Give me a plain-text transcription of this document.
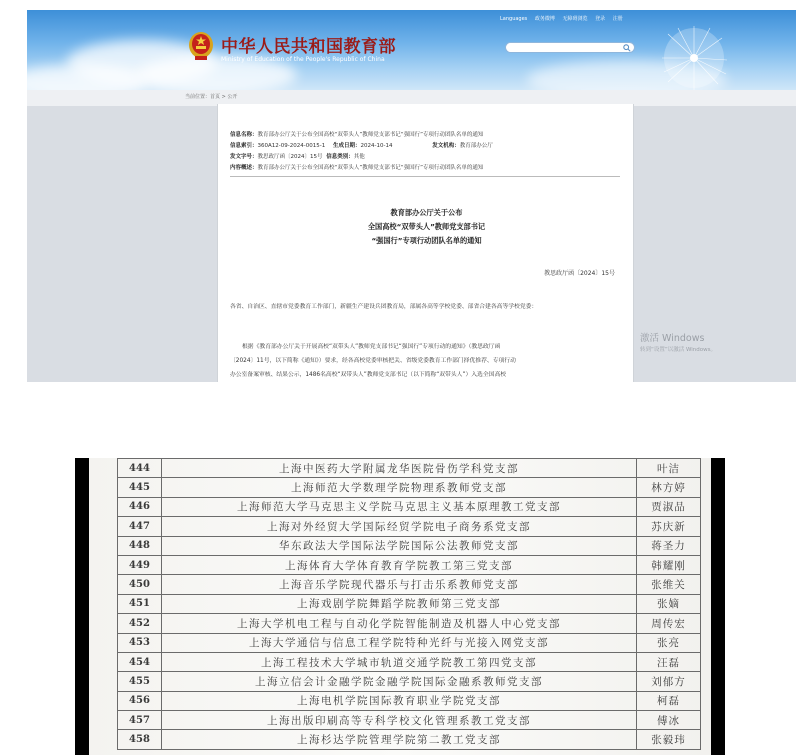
中华人民共和国教育部
Ministry of Education of the People's Republic of China
Languages 政务微博 无障碍浏览 登录 注册
当前位置：首页 > 公开
信息名称：教育部办公厅关于公布全国高校“双带头人”教师党支部书记“强国行”专项行动团队名单的通知
信息索引：360A12-09-2024-0015-1 生成日期：2024-10-14	发文机构：教育部办公厅
发文字号：教思政厅函〔2024〕15号 信息类别：其他
内容概述：教育部办公厅关于公布全国高校“双带头人”教师党支部书记“强国行”专项行动团队名单的通知
教育部办公厅关于公布
全国高校“双带头人”教师党支部书记
“强国行”专项行动团队名单的通知
教思政厅函〔2024〕15号
各省、自治区、直辖市党委教育工作部门，新疆生产建设兵团教育局，部属各高等学校党委、部省合建各高等学校党委：
根据《教育部办公厅关于开展高校“双带头人”教师党支部书记“强国行”专项行动的通知》（教思政厅函
〔2024〕11号，以下简称《通知》）要求，经各高校党委审核把关、省级党委教育工作部门择优推荐、专项行动
办公室备案审核、结果公示，1486名高校“双带头人”教师党支部书记（以下简称“双带头人”）入选全国高校
激活 Windows
转到“设置”以激活 Windows。
444	上海中医药大学附属龙华医院骨伤学科党支部	叶洁
445	上海师范大学数理学院物理系教师党支部	林方婷
446	上海师范大学马克思主义学院马克思主义基本原理教工党支部	贾淑品
447	上海对外经贸大学国际经贸学院电子商务系党支部	苏庆新
448	华东政法大学国际法学院国际公法教师党支部	蒋圣力
449	上海体育大学体育教育学院教工第三党支部	韩耀刚
450	上海音乐学院现代器乐与打击乐系教师党支部	张维关
451	上海戏剧学院舞蹈学院教师第三党支部	张嫡
452	上海大学机电工程与自动化学院智能制造及机器人中心党支部	周传宏
453	上海大学通信与信息工程学院特种光纤与光接入网党支部	张亮
454	上海工程技术大学城市轨道交通学院教工第四党支部	汪磊
455	上海立信会计金融学院金融学院国际金融系教师党支部	刘郁方
456	上海电机学院国际教育职业学院党支部	柯磊
457	上海出版印刷高等专科学校文化管理系教工党支部	傅冰
458	上海杉达学院管理学院第二教工党支部	张毅玮
